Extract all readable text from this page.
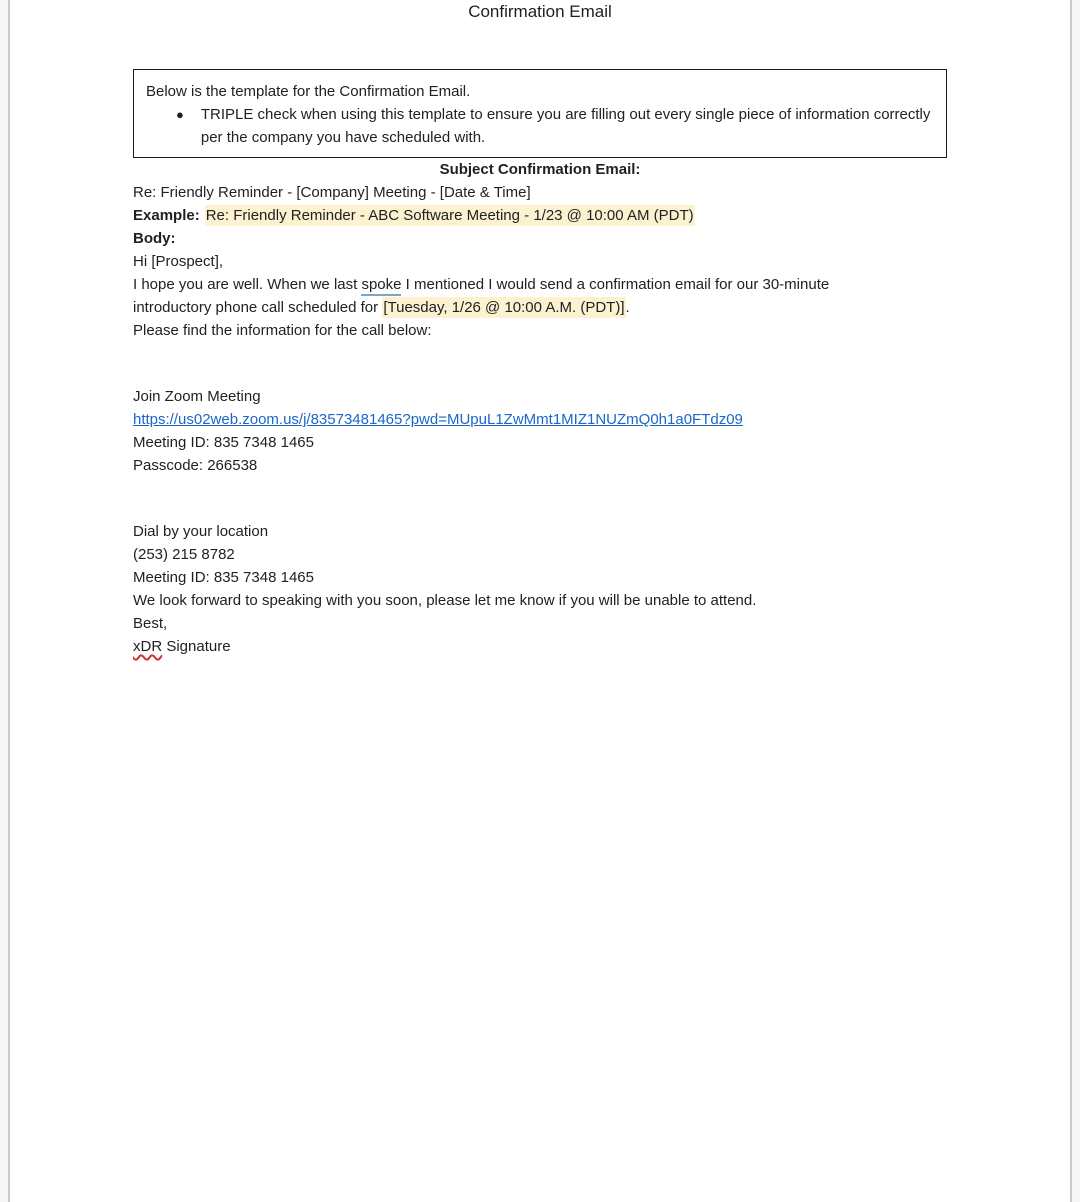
Confirmation Email

Below is the template for the Confirmation Email.

● TRIPLE check when using this template to ensure you are filling out every single piece of information correctly per the company you have scheduled with.

Subject Confirmation Email:

Re: Friendly Reminder - [Company] Meeting - [Date & Time]

Example: Re: Friendly Reminder - ABC Software Meeting - 1/23 @ 10:00 AM (PDT)

Body:

Hi [Prospect],

I hope you are well. When we last spoke I mentioned I would send a confirmation email for our 30-minute
introductory phone call scheduled for [Tuesday, 1/26 @ 10:00 A.M. (PDT)].

Please find the information for the call below:

Join Zoom Meeting

https://us02web.zoom.us/j/83573481465?pwd=MUpuL1ZwMmt1MIZ1NUZmQ0h1a0FTdz09

Meeting ID: 835 7348 1465

Passcode: 266538

Dial by your location

(253) 215 8782

Meeting ID: 835 7348 1465

We look forward to speaking with you soon, please let me know if you will be unable to attend.

Best,

xDR Signature
